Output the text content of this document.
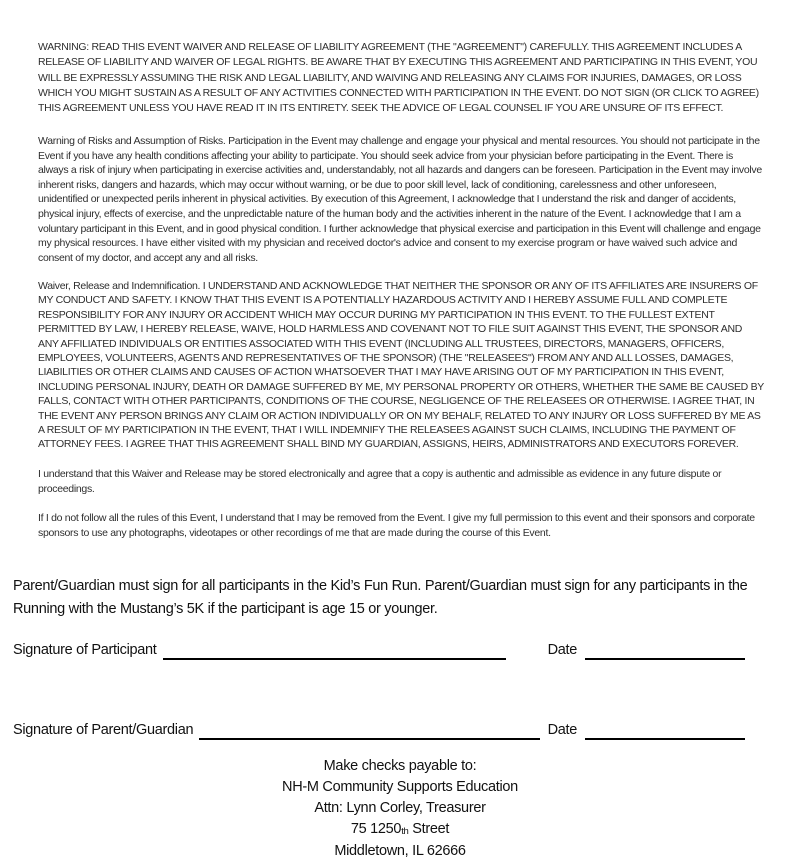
WARNING: READ THIS EVENT WAIVER AND RELEASE OF LIABILITY AGREEMENT (THE "AGREEMENT") CAREFULLY. THIS AGREEMENT INCLUDES A RELEASE OF LIABILITY AND WAIVER OF LEGAL RIGHTS. BE AWARE THAT BY EXECUTING THIS AGREEMENT AND PARTICIPATING IN THIS EVENT, YOU WILL BE EXPRESSLY ASSUMING THE RISK AND LEGAL LIABILITY, AND WAIVING AND RELEASING ANY CLAIMS FOR INJURIES, DAMAGES, OR LOSS WHICH YOU MIGHT SUSTAIN AS A RESULT OF ANY ACTIVITIES CONNECTED WITH PARTICIPATION IN THE EVENT. DO NOT SIGN (OR CLICK TO AGREE) THIS AGREEMENT UNLESS YOU HAVE READ IT IN ITS ENTIRETY. SEEK THE ADVICE OF LEGAL COUNSEL IF YOU ARE UNSURE OF ITS EFFECT.

Warning of Risks and Assumption of Risks. Participation in the Event may challenge and engage your physical and mental resources. You should not participate in the Event if you have any health conditions affecting your ability to participate. You should seek advice from your physician before participating in the Event. There is always a risk of injury when participating in exercise activities and, understandably, not all hazards and dangers can be foreseen. Participation in the Event may involve inherent risks, dangers and hazards, which may occur without warning, or be due to poor skill level, lack of conditioning, carelessness and other unforeseen, unidentified or unexpected perils inherent in physical activities. By execution of this Agreement, I acknowledge that I understand the risk and danger of accidents, physical injury, effects of exercise, and the unpredictable nature of the human body and the activities inherent in the nature of the Event. I acknowledge that I am a voluntary participant in this Event, and in good physical condition. I further acknowledge that physical exercise and participation in this Event will challenge and engage my physical resources. I have either visited with my physician and received doctor's advice and consent to my exercise program or have waived such advice and consent of my doctor, and accept any and all risks.

Waiver, Release and Indemnification. I UNDERSTAND AND ACKNOWLEDGE THAT NEITHER THE SPONSOR OR ANY OF ITS AFFILIATES ARE INSURERS OF MY CONDUCT AND SAFETY. I KNOW THAT THIS EVENT IS A POTENTIALLY HAZARDOUS ACTIVITY AND I HEREBY ASSUME FULL AND COMPLETE RESPONSIBILITY FOR ANY INJURY OR ACCIDENT WHICH MAY OCCUR DURING MY PARTICIPATION IN THIS EVENT. TO THE FULLEST EXTENT PERMITTED BY LAW, I HEREBY RELEASE, WAIVE, HOLD HARMLESS AND COVENANT NOT TO FILE SUIT AGAINST THIS EVENT, THE SPONSOR AND ANY AFFILIATED INDIVIDUALS OR ENTITIES ASSOCIATED WITH THIS EVENT (INCLUDING ALL TRUSTEES, DIRECTORS, MANAGERS, OFFICERS, EMPLOYEES, VOLUNTEERS, AGENTS AND REPRESENTATIVES OF THE SPONSOR) (THE "RELEASEES") FROM ANY AND ALL LOSSES, DAMAGES, LIABILITIES OR OTHER CLAIMS AND CAUSES OF ACTION WHATSOEVER THAT I MAY HAVE ARISING OUT OF MY PARTICIPATION IN THIS EVENT, INCLUDING PERSONAL INJURY, DEATH OR DAMAGE SUFFERED BY ME, MY PERSONAL PROPERTY OR OTHERS, WHETHER THE SAME BE CAUSED BY FALLS, CONTACT WITH OTHER PARTICIPANTS, CONDITIONS OF THE COURSE, NEGLIGENCE OF THE RELEASEES OR OTHERWISE. I AGREE THAT, IN THE EVENT ANY PERSON BRINGS ANY CLAIM OR ACTION INDIVIDUALLY OR ON MY BEHALF, RELATED TO ANY INJURY OR LOSS SUFFERED BY ME AS A RESULT OF MY PARTICIPATION IN THE EVENT, THAT I WILL INDEMNIFY THE RELEASEES AGAINST SUCH CLAIMS, INCLUDING THE PAYMENT OF ATTORNEY FEES. I AGREE THAT THIS AGREEMENT SHALL BIND MY GUARDIAN, ASSIGNS, HEIRS, ADMINISTRATORS AND EXECUTORS FOREVER.

I understand that this Waiver and Release may be stored electronically and agree that a copy is authentic and admissible as evidence in any future dispute or proceedings.

If I do not follow all the rules of this Event, I understand that I may be removed from the Event. I give my full permission to this event and their sponsors and corporate sponsors to use any photographs, videotapes or other recordings of me that are made during the course of this Event.

Parent/Guardian must sign for all participants in the Kid’s Fun Run. Parent/Guardian must sign for any participants in the Running with the Mustang’s 5K if the participant is age 15 or younger.

Signature of Participant	Date
Signature of Parent/Guardian	Date
Make checks payable to:
NH-M Community Supports Education
Attn: Lynn Corley, Treasurer
75 1250th Street
Middletown, IL 62666
